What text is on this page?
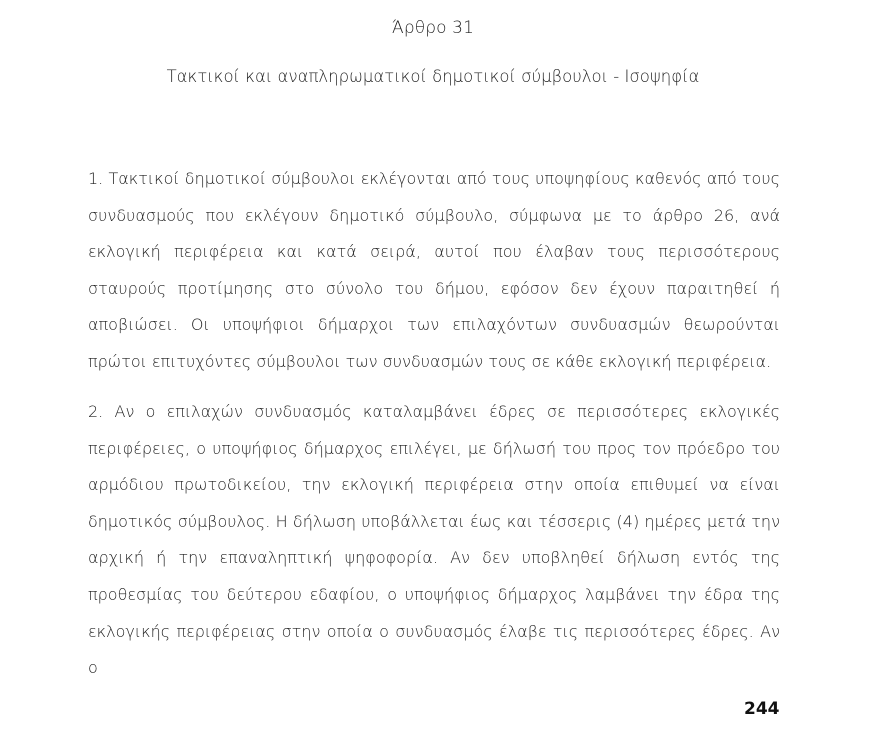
Άρθρο 31
Τακτικοί και αναπληρωματικοί δημοτικοί σύμβουλοι - Ισοψηφία

1. Τακτικοί δημοτικοί σύμβουλοι εκλέγονται από τους υποψηφίους καθενός από τους συνδυασμούς που εκλέγουν δημοτικό σύμβουλο, σύμφωνα με το άρθρο 26, ανά εκλογική περιφέρεια και κατά σειρά, αυτοί που έλαβαν τους περισσότερους σταυρούς προτίμησης στο σύνολο του δήμου, εφόσον δεν έχουν παραιτηθεί ή αποβιώσει. Οι υποψήφιοι δήμαρχοι των επιλαχόντων συνδυασμών θεωρούνται πρώτοι επιτυχόντες σύμβουλοι των συνδυασμών τους σε κάθε εκλογική περιφέρεια.

2. Αν ο επιλαχών συνδυασμός καταλαμβάνει έδρες σε περισσότερες εκλογικές περιφέρειες, ο υποψήφιος δήμαρχος επιλέγει, με δήλωσή του προς τον πρόεδρο του αρμόδιου πρωτοδικείου, την εκλογική περιφέρεια στην οποία επιθυμεί να είναι δημοτικός σύμβουλος. Η δήλωση υποβάλλεται έως και τέσσερις (4) ημέρες μετά την αρχική ή την επαναληπτική ψηφοφορία. Αν δεν υποβληθεί δήλωση εντός της προθεσμίας του δεύτερου εδαφίου, ο υποψήφιος δήμαρχος λαμβάνει την έδρα της εκλογικής περιφέρειας στην οποία ο συνδυασμός έλαβε τις περισσότερες έδρες. Αν ο

244
